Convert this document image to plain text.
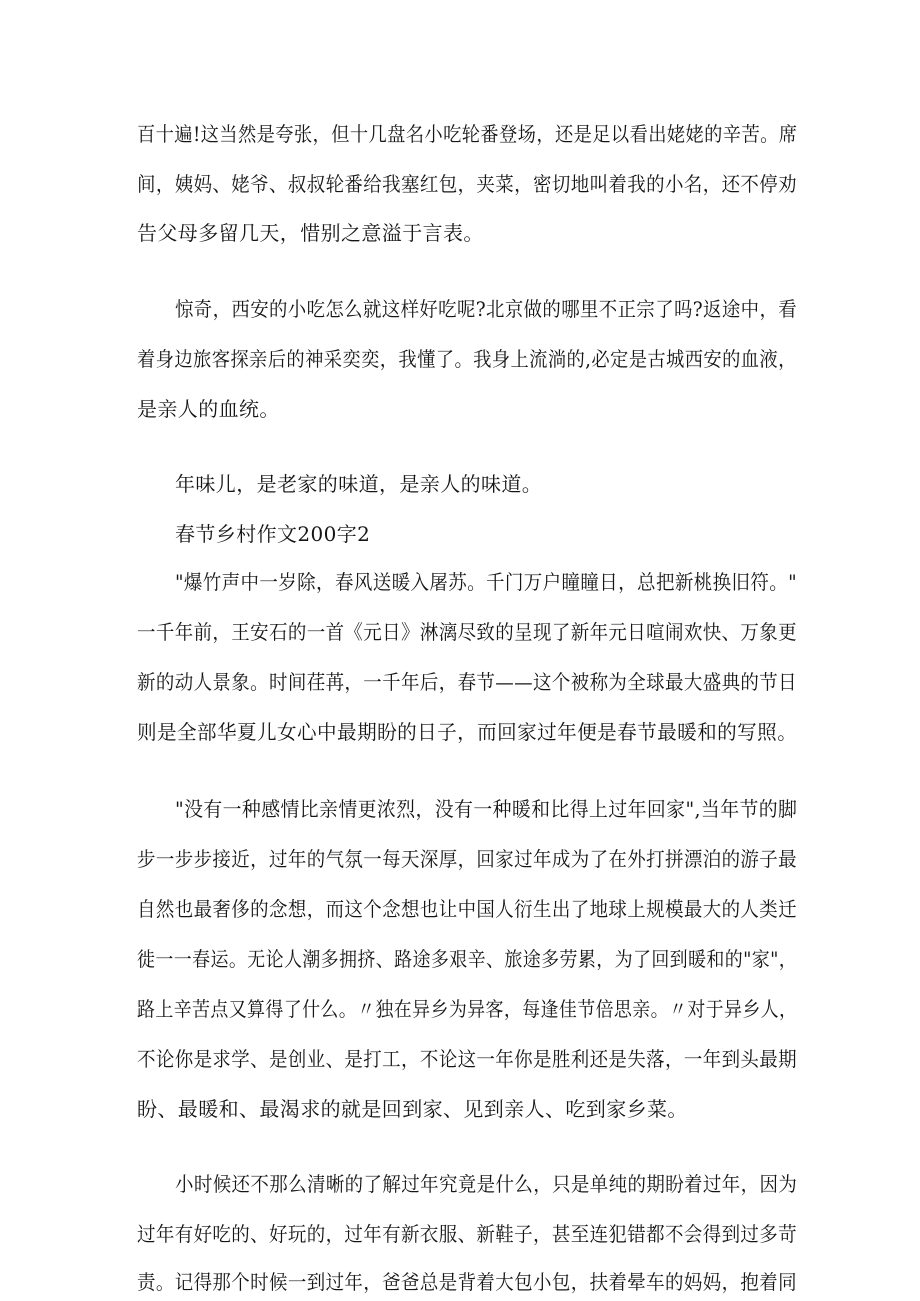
百十遍!这当然是夸张，但十几盘名小吃轮番登场，还是足以看出姥姥的辛苦。席
间，姨妈、姥爷、叔叔轮番给我塞红包，夹菜，密切地叫着我的小名，还不停劝
告父母多留几天，惜别之意溢于言表。
惊奇，西安的小吃怎么就这样好吃呢?北京做的哪里不正宗了吗?返途中，看
着身边旅客探亲后的神采奕奕，我懂了。我身上流淌的,必定是古城西安的血液，
是亲人的血统。
年味儿，是老家的味道，是亲人的味道。
春节乡村作文200字2
"爆竹声中一岁除，春风送暖入屠苏。千门万户瞳瞳日，总把新桃换旧符。"
一千年前，王安石的一首《元日》淋漓尽致的呈现了新年元日喧闹欢快、万象更
新的动人景象。时间荏苒，一千年后，春节——这个被称为全球最大盛典的节日
则是全部华夏儿女心中最期盼的日子，而回家过年便是春节最暖和的写照。
"没有一种感情比亲情更浓烈，没有一种暖和比得上过年回家",当年节的脚
步一步步接近，过年的气氛一每天深厚，回家过年成为了在外打拼漂泊的游子最
自然也最奢侈的念想，而这个念想也让中国人衍生出了地球上规模最大的人类迁
徙一一春运。无论人潮多拥挤、路途多艰辛、旅途多劳累，为了回到暖和的"家"，
路上辛苦点又算得了什么。〃独在异乡为异客，每逢佳节倍思亲。〃对于异乡人，
不论你是求学、是创业、是打工，不论这一年你是胜利还是失落，一年到头最期
盼、最暖和、最渴求的就是回到家、见到亲人、吃到家乡菜。
小时候还不那么清晰的了解过年究竟是什么，只是单纯的期盼着过年，因为
过年有好吃的、好玩的，过年有新衣服、新鞋子，甚至连犯错都不会得到过多苛
责。记得那个时候一到过年，爸爸总是背着大包小包，扶着晕车的妈妈，抱着同
